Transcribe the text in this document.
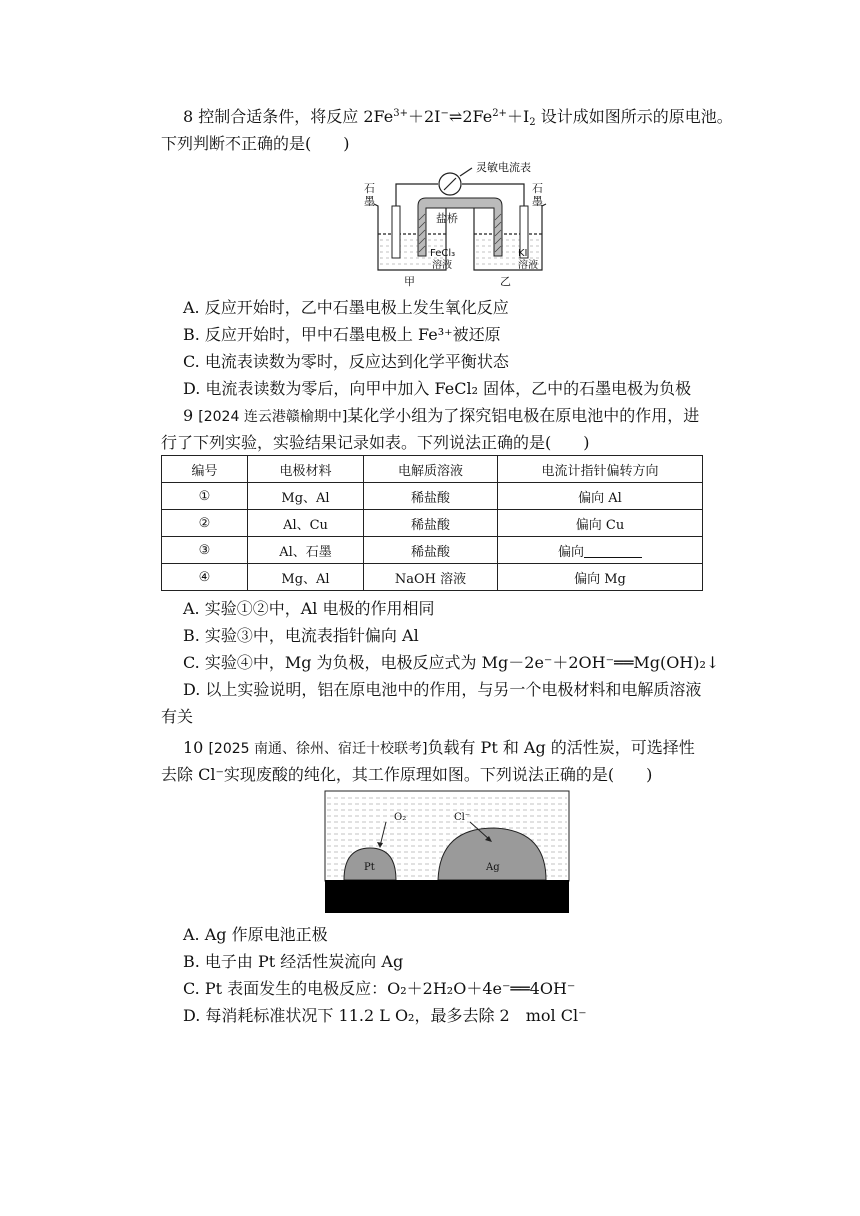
8 控制合适条件，将反应 $2Fe^{3+}+2I^-\rightleftharpoons 2Fe^{2+}+I_2$ 设计成如图所示的原电池。
下列判断不正确的是(　　)
灵敏电流表
石
墨
石
墨
盐桥
FeCl₃
溶液
KI
溶液
甲	乙
A. 反应开始时，乙中石墨电极上发生氧化反应
B. 反应开始时，甲中石墨电极上 Fe³⁺被还原
C. 电流表读数为零时，反应达到化学平衡状态
D. 电流表读数为零后，向甲中加入 FeCl₂ 固体，乙中的石墨电极为负极
9 [2024 连云港赣榆期中]某化学小组为了探究铝电极在原电池中的作用，进
行了下列实验，实验结果记录如表。下列说法正确的是(　　)
编号	电极材料	电解质溶液	电流计指针偏转方向
①	Mg、Al	稀盐酸	偏向 Al
②	Al、Cu	稀盐酸	偏向 Cu
③	Al、石墨	稀盐酸	偏向
④	Mg、Al	NaOH 溶液	偏向 Mg
A. 实验①②中，Al 电极的作用相同
B. 实验③中，电流表指针偏向 Al
C. 实验④中，Mg 为负极，电极反应式为 Mg－2e⁻＋2OH⁻══Mg(OH)₂↓
D. 以上实验说明，铝在原电池中的作用，与另一个电极材料和电解质溶液
有关
10 [2025 南通、徐州、宿迁十校联考]负载有 Pt 和 Ag 的活性炭，可选择性
去除 Cl⁻实现废酸的纯化，其工作原理如图。下列说法正确的是(　　)
O₂	Cl⁻
Pt	Ag
A. Ag 作原电池正极
B. 电子由 Pt 经活性炭流向 Ag
C. Pt 表面发生的电极反应：O₂＋2H₂O＋4e⁻══4OH⁻
D. 每消耗标准状况下 11.2 L O₂，最多去除 2　mol Cl⁻
